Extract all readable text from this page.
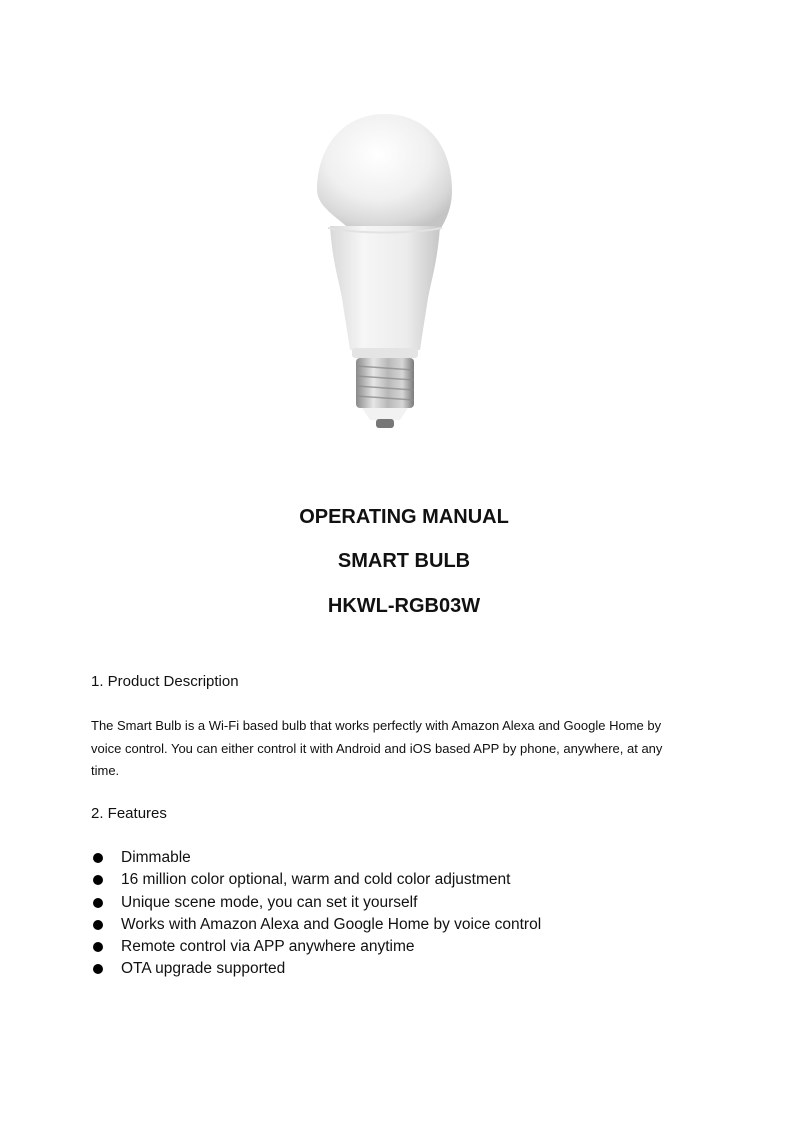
OPERATING MANUAL
SMART BULB
HKWL-RGB03W
1. Product Description
The Smart Bulb is a Wi-Fi based bulb that works perfectly with Amazon Alexa and Google Home by voice control. You can either control it with Android and iOS based APP by phone, anywhere, at any time.
2. Features
Dimmable
16 million color optional, warm and cold color adjustment
Unique scene mode, you can set it yourself
Works with Amazon Alexa and Google Home by voice control
Remote control via APP anywhere anytime
OTA upgrade supported
